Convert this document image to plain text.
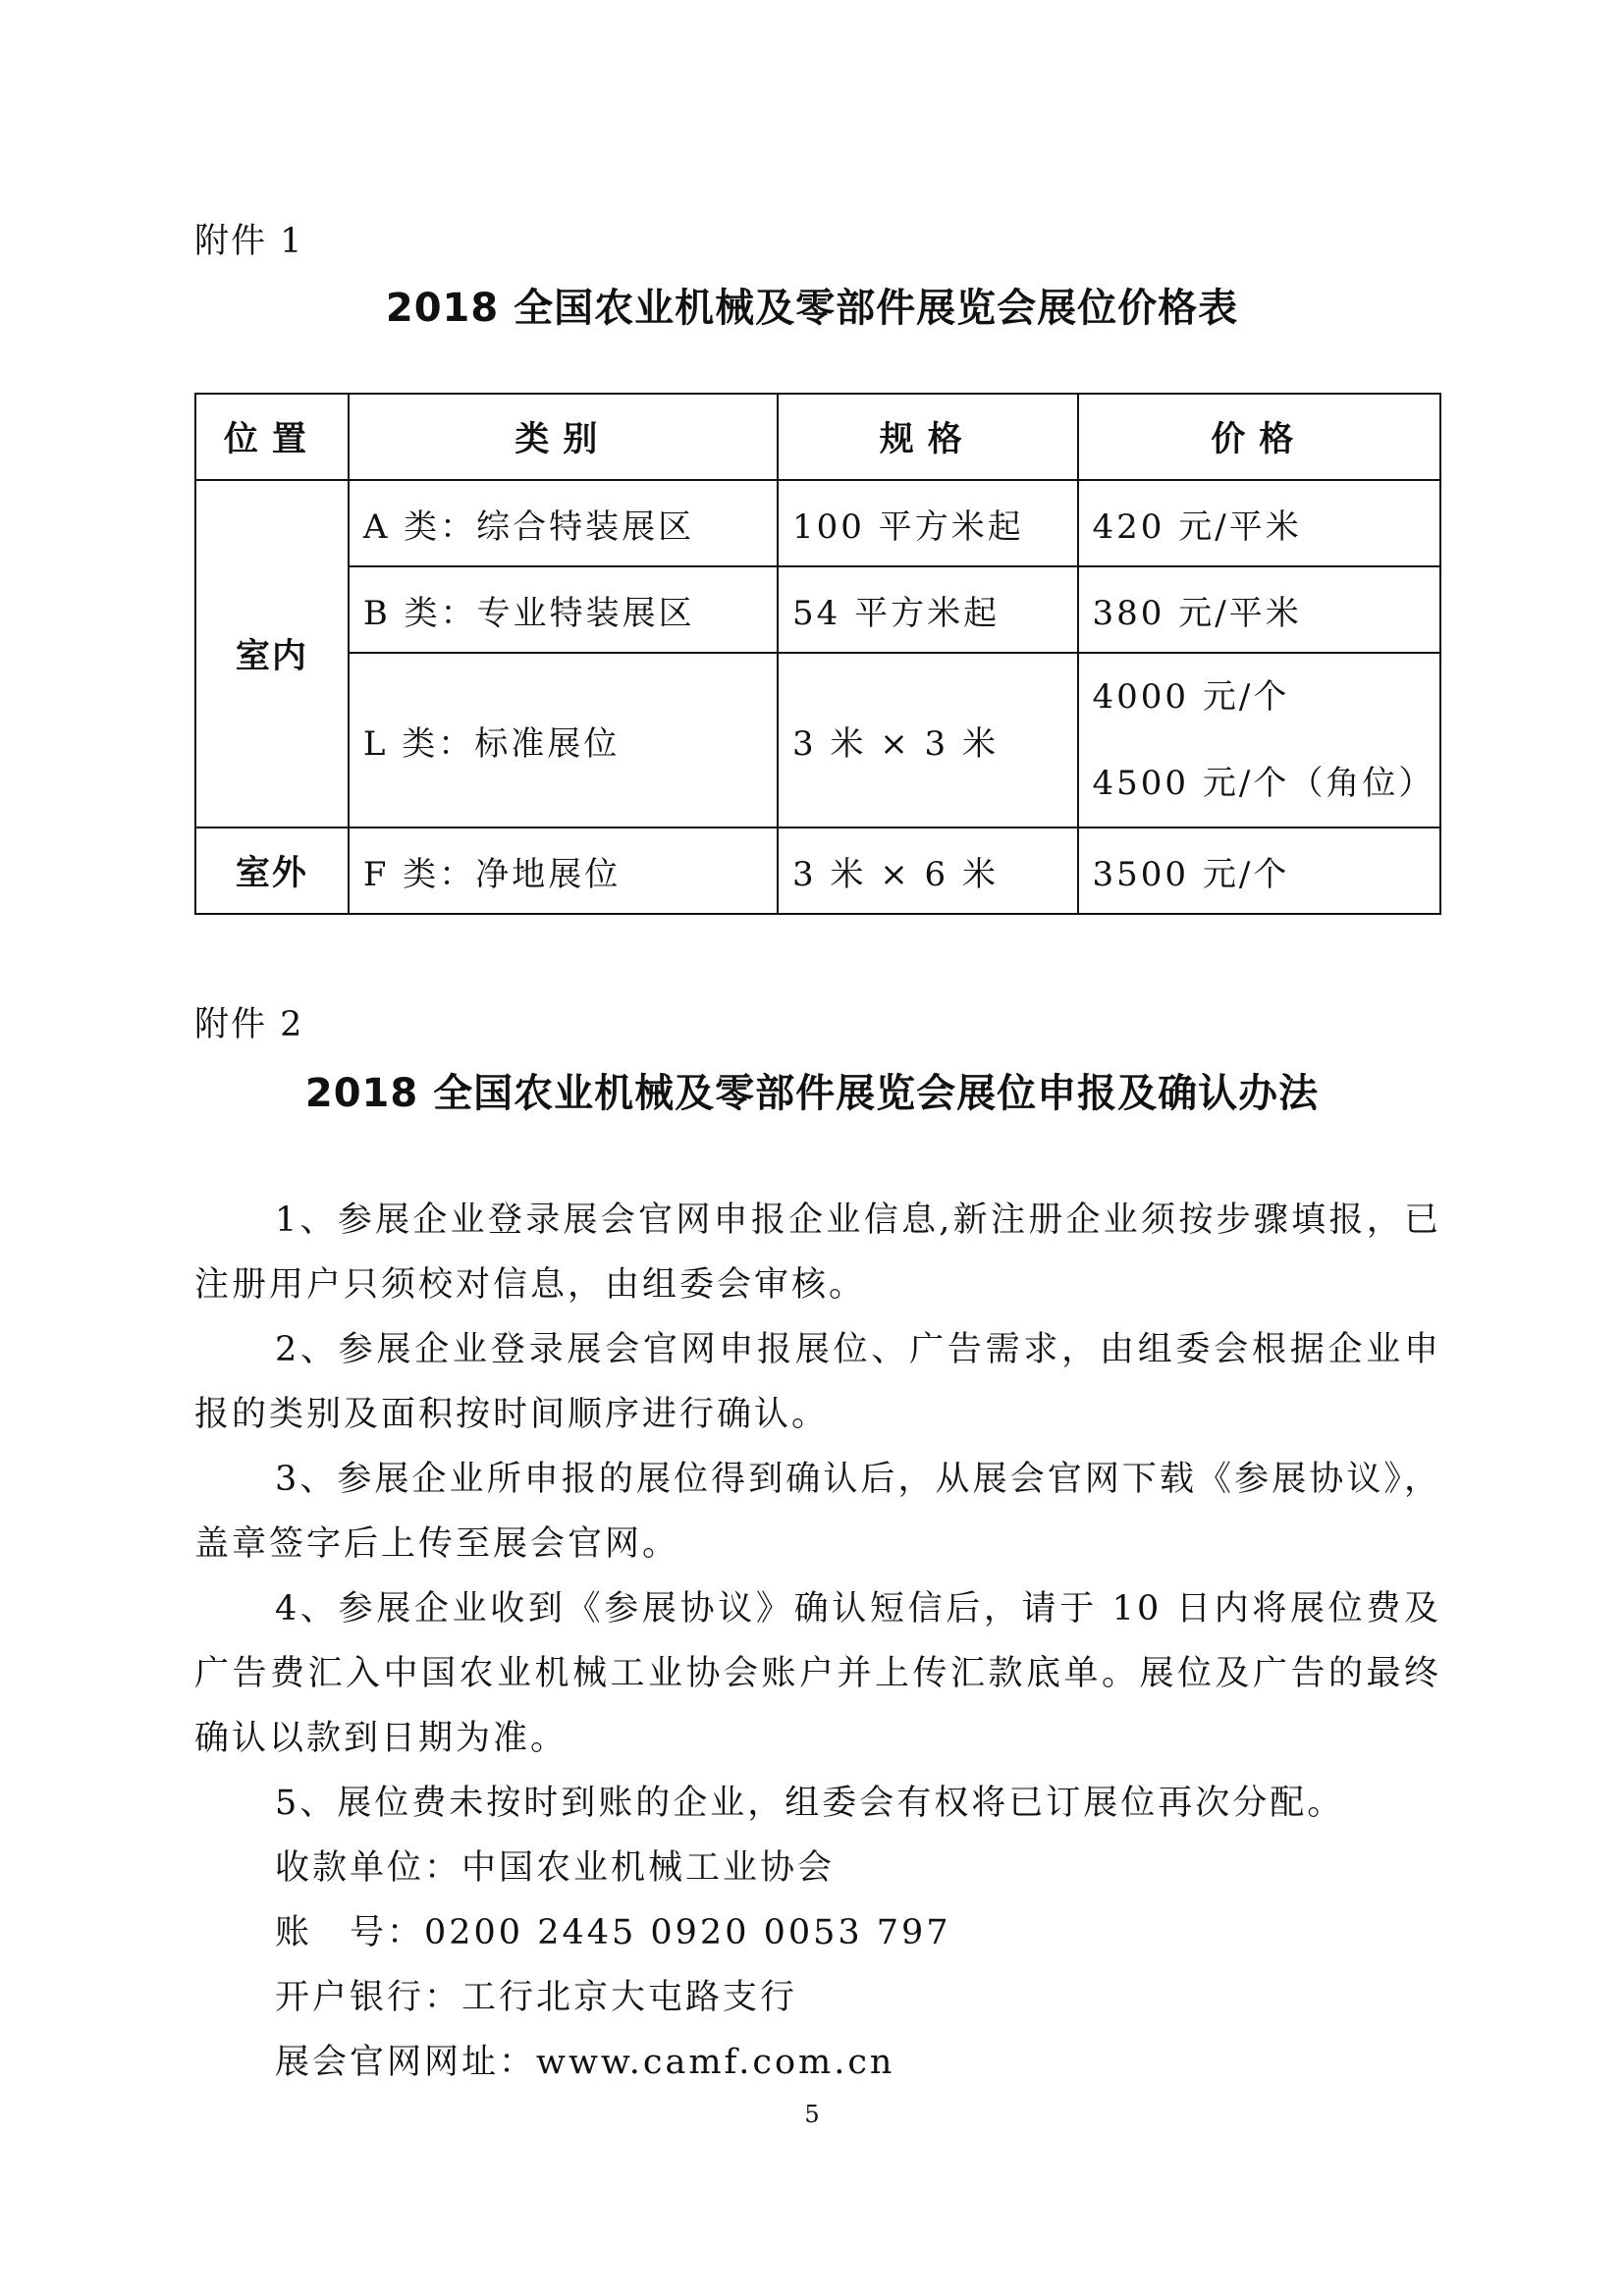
附件 1
2018 全国农业机械及零部件展览会展位价格表
位置	类别	规格	价格
室内	A 类：综合特装展区	100 平方米起	420 元/平米
	B 类：专业特装展区	54 平方米起	380 元/平米
	L 类：标准展位	3 米 × 3 米	4000 元/个
4500 元/个（角位）

室外	F 类：净地展位	3 米 × 6 米	3500 元/个
附件 2
2018 全国农业机械及零部件展览会展位申报及确认办法

1、参展企业登录展会官网申报企业信息,新注册企业须按步骤填报，已注册用户只须校对信息，由组委会审核。

2、参展企业登录展会官网申报展位、广告需求，由组委会根据企业申报的类别及面积按时间顺序进行确认。

3、参展企业所申报的展位得到确认后，从展会官网下载《参展协议》，盖章签字后上传至展会官网。

4、参展企业收到《参展协议》确认短信后，请于 10 日内将展位费及广告费汇入中国农业机械工业协会账户并上传汇款底单。展位及广告的最终确认以款到日期为准。

5、展位费未按时到账的企业，组委会有权将已订展位再次分配。

收款单位：中国农业机械工业协会

账　号：0200 2445 0920 0053 797

开户银行：工行北京大屯路支行

展会官网网址：www.camf.com.cn

5
